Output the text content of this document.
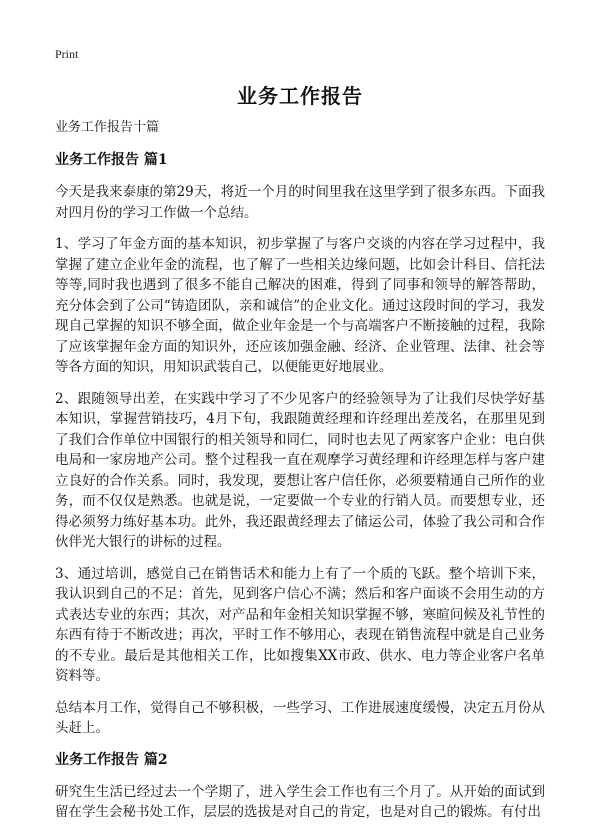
Print
业务工作报告
业务工作报告十篇
业务工作报告 篇1

今天是我来泰康的第29天，将近一个月的时间里我在这里学到了很多东西。下面我对四月份的学习工作做一个总结。

1、学习了年金方面的基本知识，初步掌握了与客户交谈的内容在学习过程中，我掌握了建立企业年金的流程，也了解了一些相关边缘问题，比如会计科目、信托法等等,同时我也遇到了很多不能自己解决的困难，得到了同事和领导的解答帮助，充分体会到了公司“铸造团队，亲和诚信”的企业文化。通过这段时间的学习，我发现自己掌握的知识不够全面，做企业年金是一个与高端客户不断接触的过程，我除了应该掌握年金方面的知识外，还应该加强金融、经济、企业管理、法律、社会等等各方面的知识，用知识武装自己，以便能更好地展业。

2、跟随领导出差，在实践中学习了不少见客户的经验领导为了让我们尽快学好基本知识，掌握营销技巧，4月下旬，我跟随黄经理和许经理出差茂名，在那里见到了我们合作单位中国银行的相关领导和同仁，同时也去见了两家客户企业：电白供电局和一家房地产公司。整个过程我一直在观摩学习黄经理和许经理怎样与客户建立良好的合作关系。同时，我发现，要想让客户信任你，必须要精通自己所作的业务，而不仅仅是熟悉。也就是说，一定要做一个专业的行销人员。而要想专业，还得必须努力练好基本功。此外，我还跟黄经理去了储运公司，体验了我公司和合作伙伴光大银行的讲标的过程。

3、通过培训，感觉自己在销售话术和能力上有了一个质的飞跃。整个培训下来，我认识到自己的不足：首先，见到客户信心不满；然后和客户面谈不会用生动的方式表达专业的东西；其次，对产品和年金相关知识掌握不够，寒暄问候及礼节性的东西有待于不断改进；再次，平时工作不够用心，表现在销售流程中就是自己业务的不专业。最后是其他相关工作，比如搜集XX市政、供水、电力等企业客户名单资料等。

总结本月工作，觉得自己不够积极，一些学习、工作进展速度缓慢，决定五月份从头赶上。

业务工作报告 篇2

研究生生活已经过去一个学期了，进入学生会工作也有三个月了。从开始的面试到留在学生会秘书处工作，层层的选拔是对自己的肯定，也是对自己的锻炼。有付出
